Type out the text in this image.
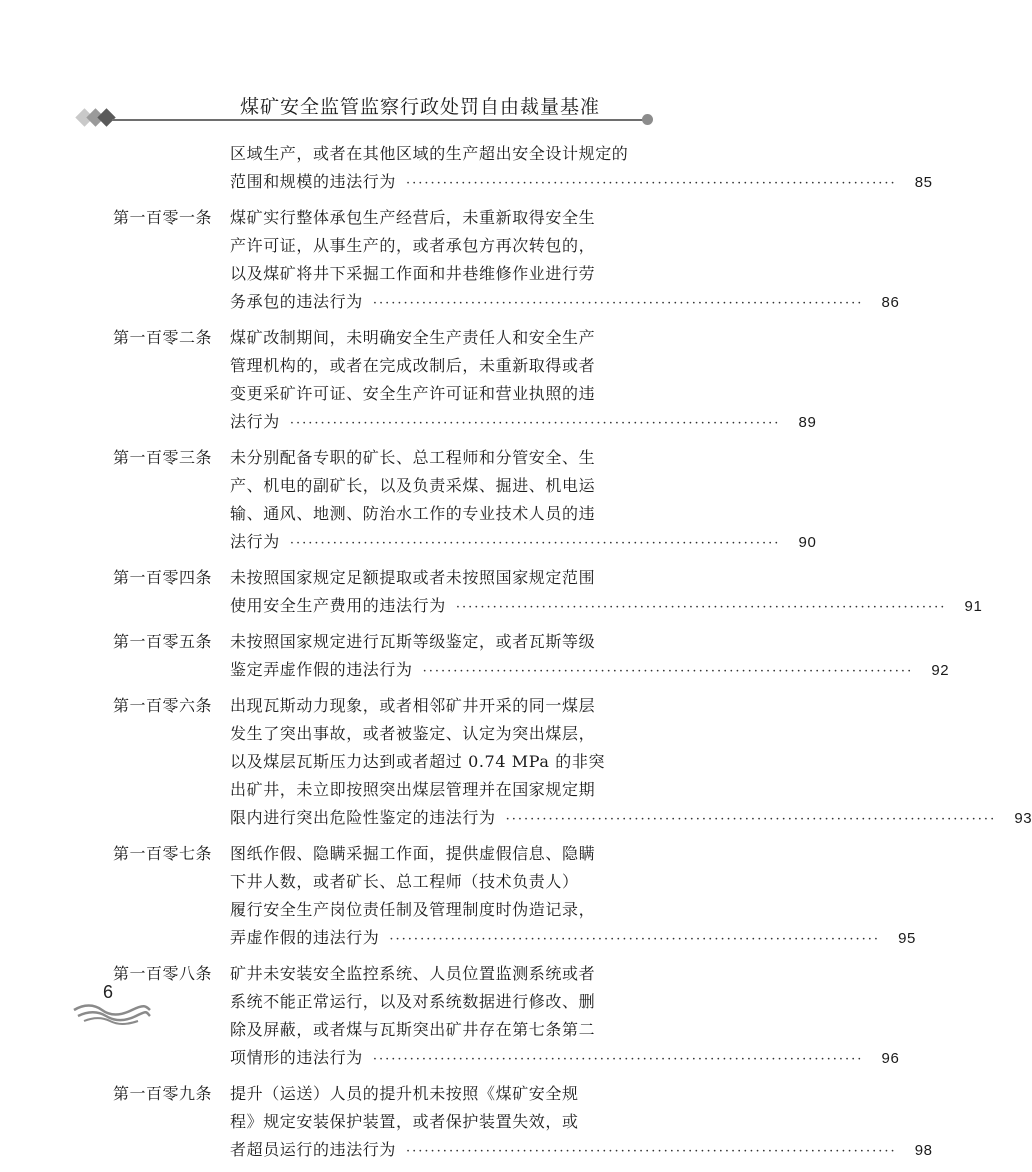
煤矿安全监管监察行政处罚自由裁量基准
区域生产，或者在其他区域的生产超出安全设计规定的
范围和规模的违法行为 ················································································	85
第一百零一条 煤矿实行整体承包生产经营后，未重新取得安全生
产许可证，从事生产的，或者承包方再次转包的，
以及煤矿将井下采掘工作面和井巷维修作业进行劳
务承包的违法行为 ················································································	86
第一百零二条 煤矿改制期间，未明确安全生产责任人和安全生产
管理机构的，或者在完成改制后，未重新取得或者
变更采矿许可证、安全生产许可证和营业执照的违
法行为 ················································································	89
第一百零三条 未分别配备专职的矿长、总工程师和分管安全、生
产、机电的副矿长，以及负责采煤、掘进、机电运
输、通风、地测、防治水工作的专业技术人员的违
法行为 ················································································	90
第一百零四条 未按照国家规定足额提取或者未按照国家规定范围
使用安全生产费用的违法行为 ················································································	91
第一百零五条 未按照国家规定进行瓦斯等级鉴定，或者瓦斯等级
鉴定弄虚作假的违法行为 ················································································	92
第一百零六条 出现瓦斯动力现象，或者相邻矿井开采的同一煤层
发生了突出事故，或者被鉴定、认定为突出煤层，
以及煤层瓦斯压力达到或者超过 0.74 MPa 的非突
出矿井，未立即按照突出煤层管理并在国家规定期
限内进行突出危险性鉴定的违法行为 ················································································	93
第一百零七条 图纸作假、隐瞒采掘工作面，提供虚假信息、隐瞒
下井人数，或者矿长、总工程师（技术负责人）
履行安全生产岗位责任制及管理制度时伪造记录，
弄虚作假的违法行为 ················································································	95
第一百零八条 矿井未安装安全监控系统、人员位置监测系统或者
系统不能正常运行，以及对系统数据进行修改、删
除及屏蔽，或者煤与瓦斯突出矿井存在第七条第二
项情形的违法行为 ················································································	96
第一百零九条 提升（运送）人员的提升机未按照《煤矿安全规
程》规定安装保护装置，或者保护装置失效，或
者超员运行的违法行为 ················································································	98
6
